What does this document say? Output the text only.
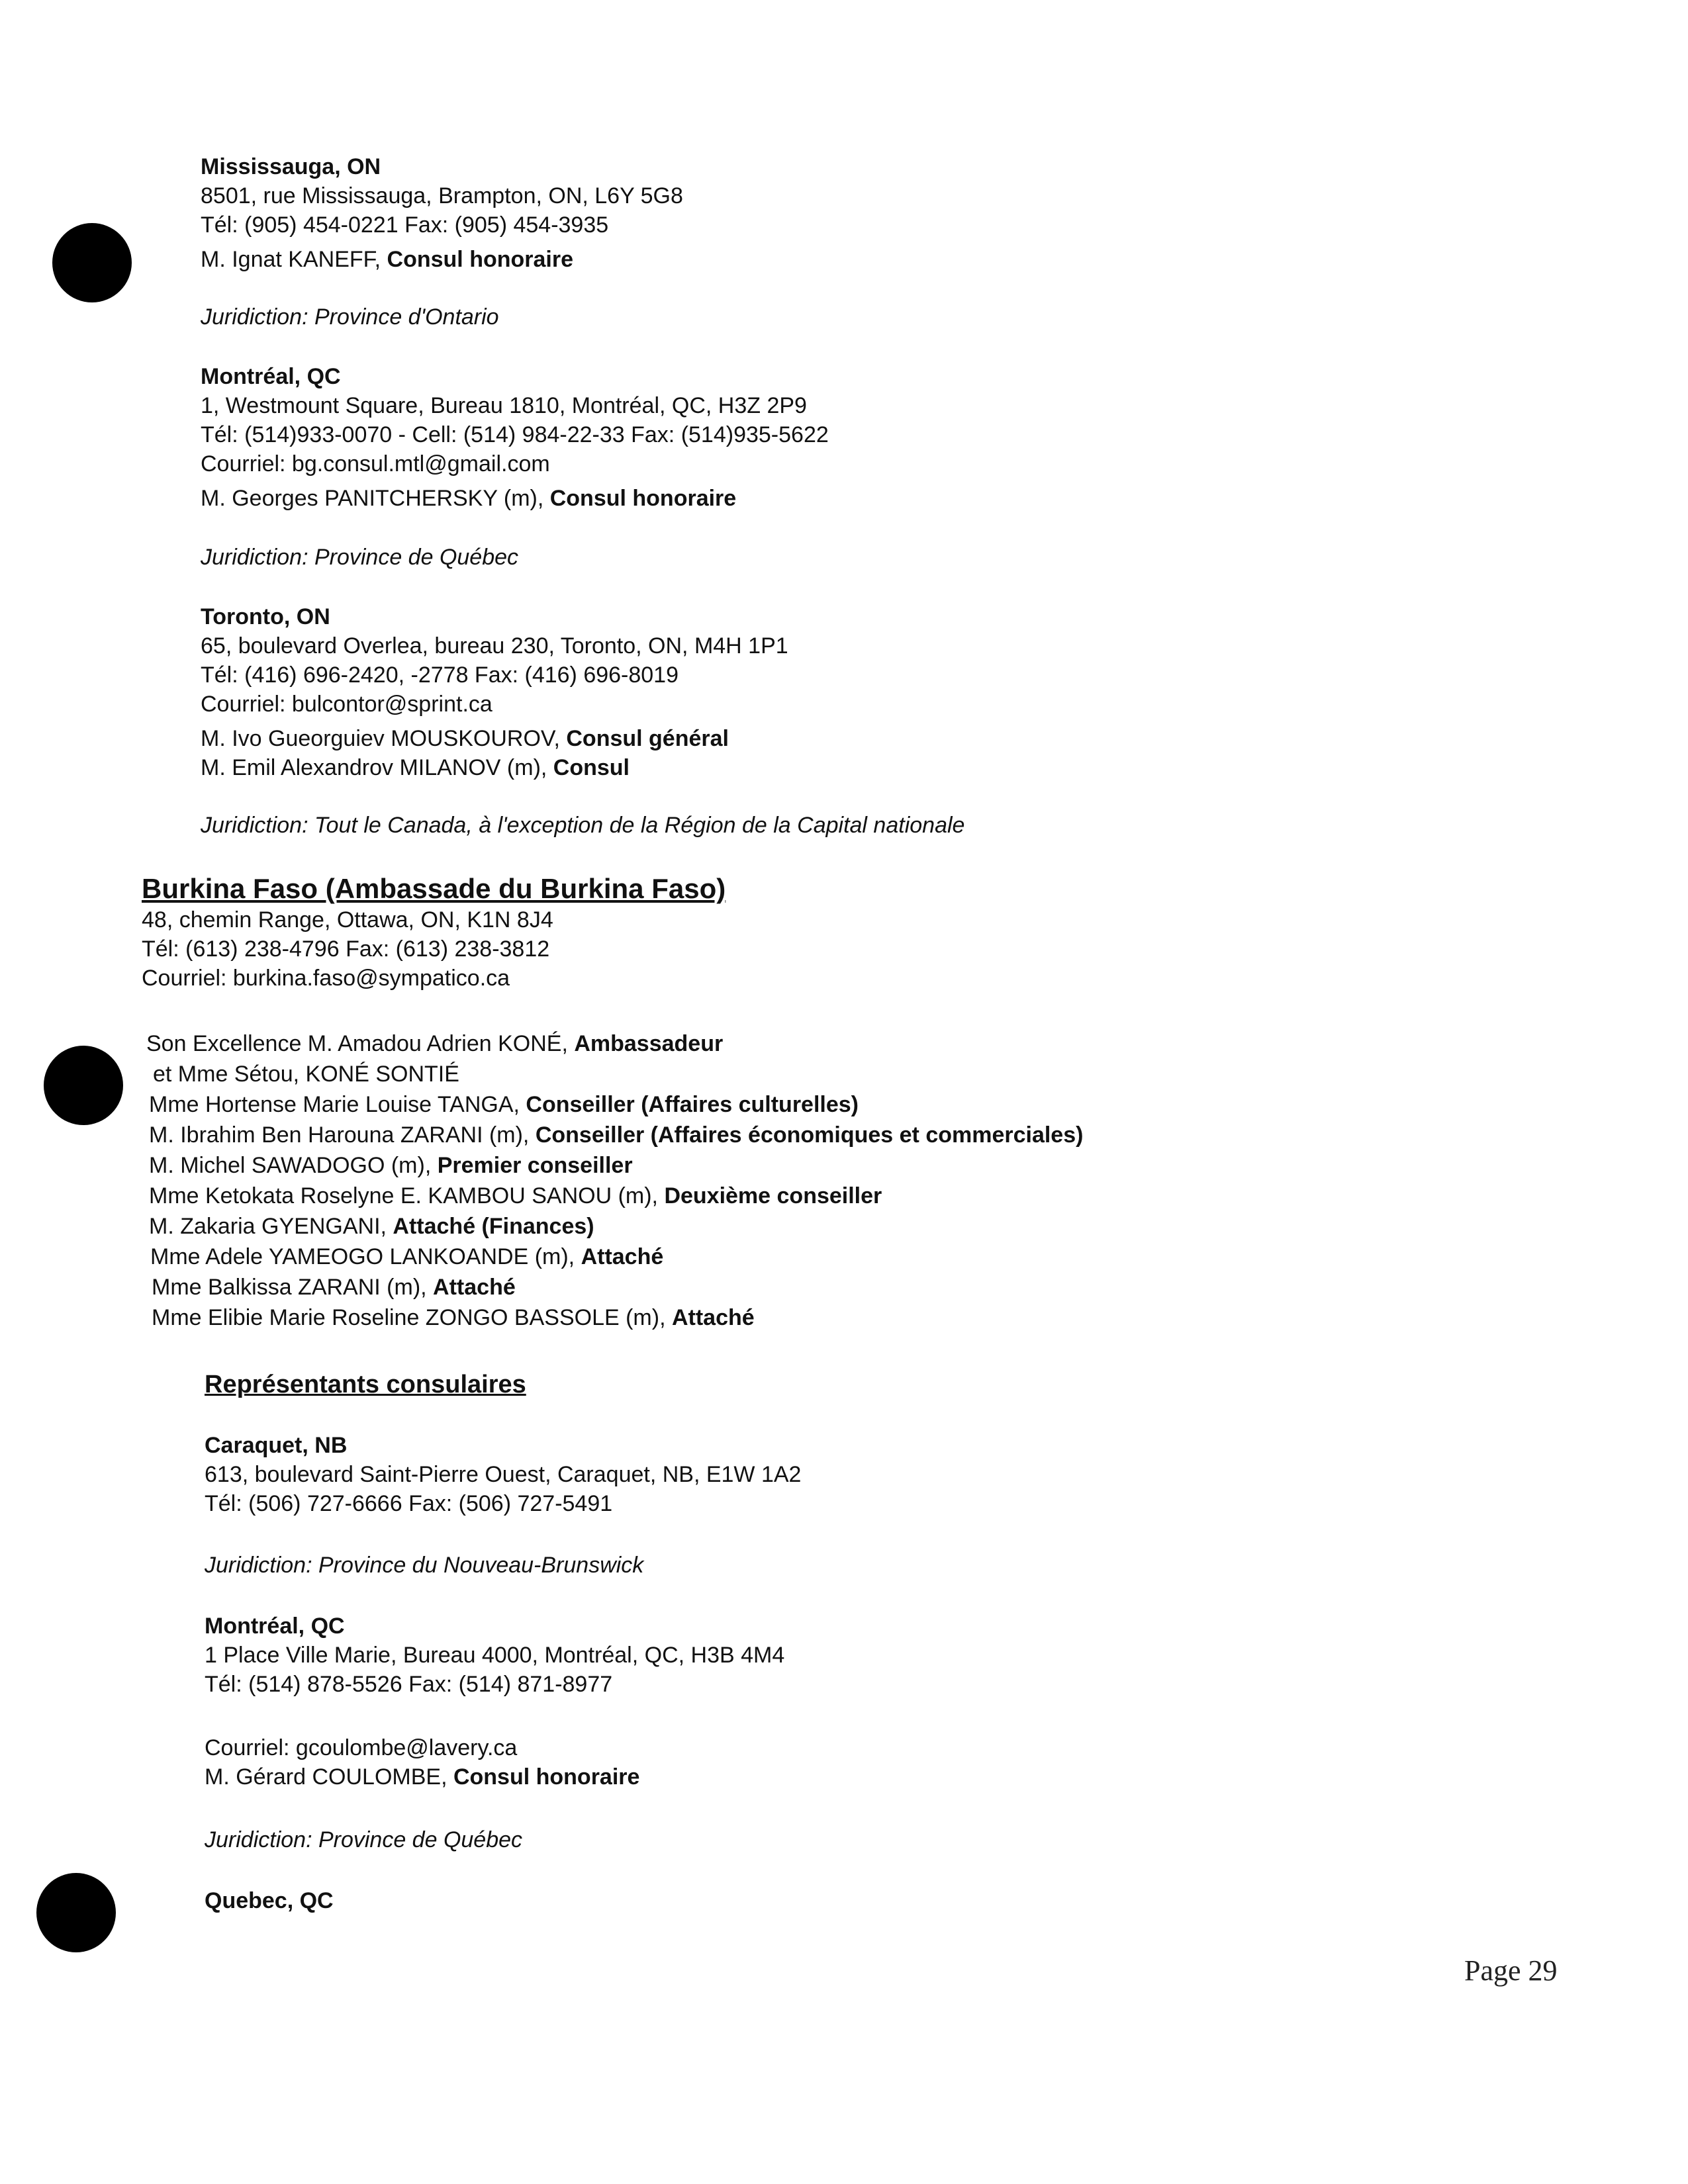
Mississauga, ON
8501, rue Mississauga, Brampton, ON, L6Y 5G8
Tél: (905) 454-0221 Fax: (905) 454-3935
M. Ignat KANEFF, Consul honoraire
Juridiction: Province d'Ontario
Montréal, QC
1, Westmount Square, Bureau 1810, Montréal, QC, H3Z 2P9
Tél: (514)933-0070 - Cell: (514) 984-22-33 Fax: (514)935-5622
Courriel: bg.consul.mtl@gmail.com
M. Georges PANITCHERSKY (m), Consul honoraire
Juridiction: Province de Québec
Toronto, ON
65, boulevard Overlea, bureau 230, Toronto, ON, M4H 1P1
Tél: (416) 696-2420, -2778 Fax: (416) 696-8019
Courriel: bulcontor@sprint.ca
M. Ivo Gueorguiev MOUSKOUROV, Consul général
M. Emil Alexandrov MILANOV (m), Consul
Juridiction: Tout le Canada, à l'exception de la Région de la Capital nationale
Burkina Faso (Ambassade du Burkina Faso)
48, chemin Range, Ottawa, ON, K1N 8J4
Tél: (613) 238-4796 Fax: (613) 238-3812
Courriel: burkina.faso@sympatico.ca
Son Excellence M. Amadou Adrien KONÉ, Ambassadeur
et Mme Sétou, KONÉ SONTIÉ
Mme Hortense Marie Louise TANGA, Conseiller (Affaires culturelles)
M. Ibrahim Ben Harouna ZARANI (m), Conseiller (Affaires économiques et commerciales)
M. Michel SAWADOGO (m), Premier conseiller
Mme Ketokata Roselyne E. KAMBOU SANOU (m), Deuxième conseiller
M. Zakaria GYENGANI, Attaché (Finances)
Mme Adele YAMEOGO LANKOANDE (m), Attaché
Mme Balkissa ZARANI (m), Attaché
Mme Elibie Marie Roseline ZONGO BASSOLE (m), Attaché
Représentants consulaires
Caraquet, NB
613, boulevard Saint-Pierre Ouest, Caraquet, NB, E1W 1A2
Tél: (506) 727-6666 Fax: (506) 727-5491
Juridiction: Province du Nouveau-Brunswick
Montréal, QC
1 Place Ville Marie, Bureau 4000, Montréal, QC, H3B 4M4
Tél: (514) 878-5526 Fax: (514) 871-8977
Courriel: gcoulombe@lavery.ca
M. Gérard COULOMBE, Consul honoraire
Juridiction: Province de Québec
Quebec, QC
Page 29
